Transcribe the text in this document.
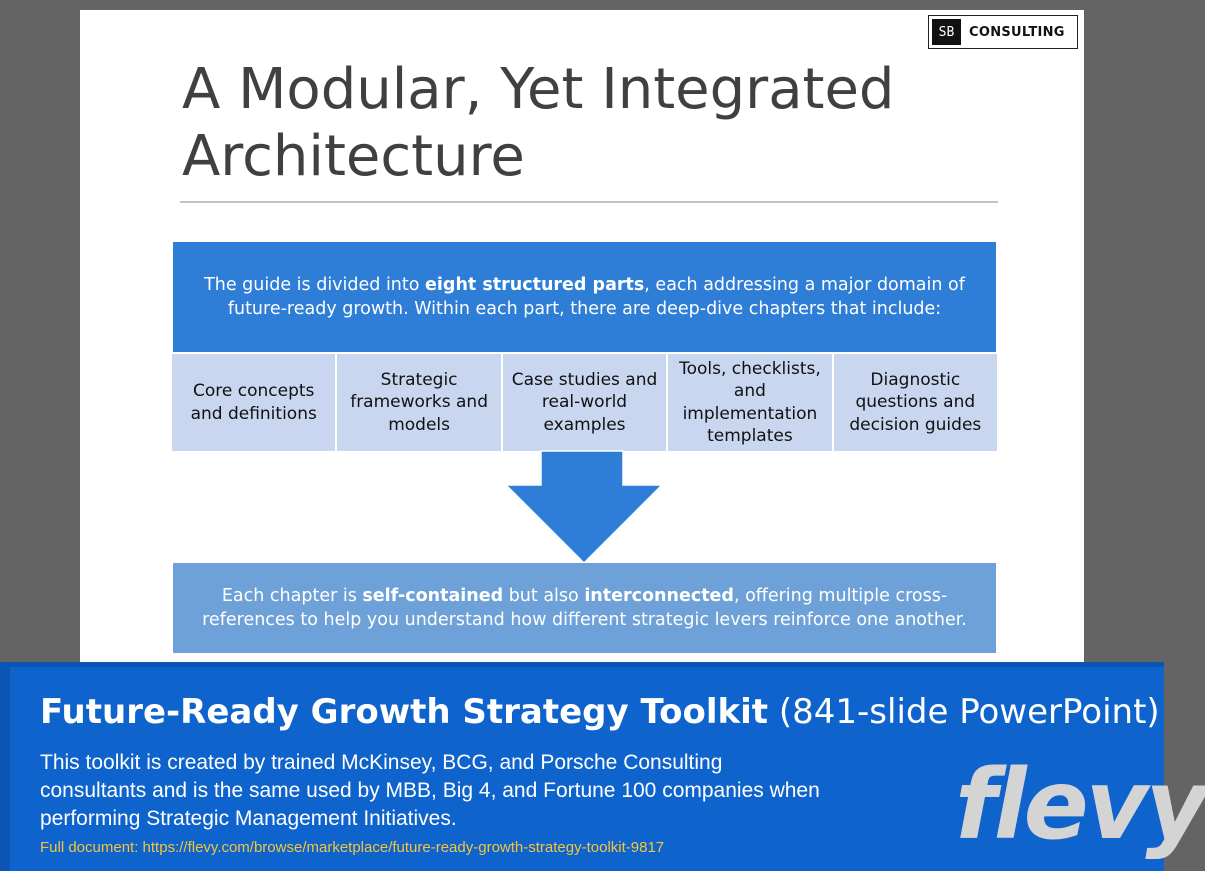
SB	CONSULTING
A Modular, Yet Integrated Architecture
The guide is divided into eight structured parts, each addressing a major domain of future-ready growth. Within each part, there are deep-dive chapters that include:
Core concepts and definitions
Strategic frameworks and models
Case studies and real-world examples
Tools, checklists, and implementation templates
Diagnostic questions and decision guides
Each chapter is self-contained but also interconnected, offering multiple cross-references to help you understand how different strategic levers reinforce one another.
Future-Ready Growth Strategy Toolkit (841-slide PowerPoint)
This toolkit is created by trained McKinsey, BCG, and Porsche Consulting consultants and is the same used by MBB, Big 4, and Fortune 100 companies when performing Strategic Management Initiatives.
Full document: https://flevy.com/browse/marketplace/future-ready-growth-strategy-toolkit-9817	flevy
